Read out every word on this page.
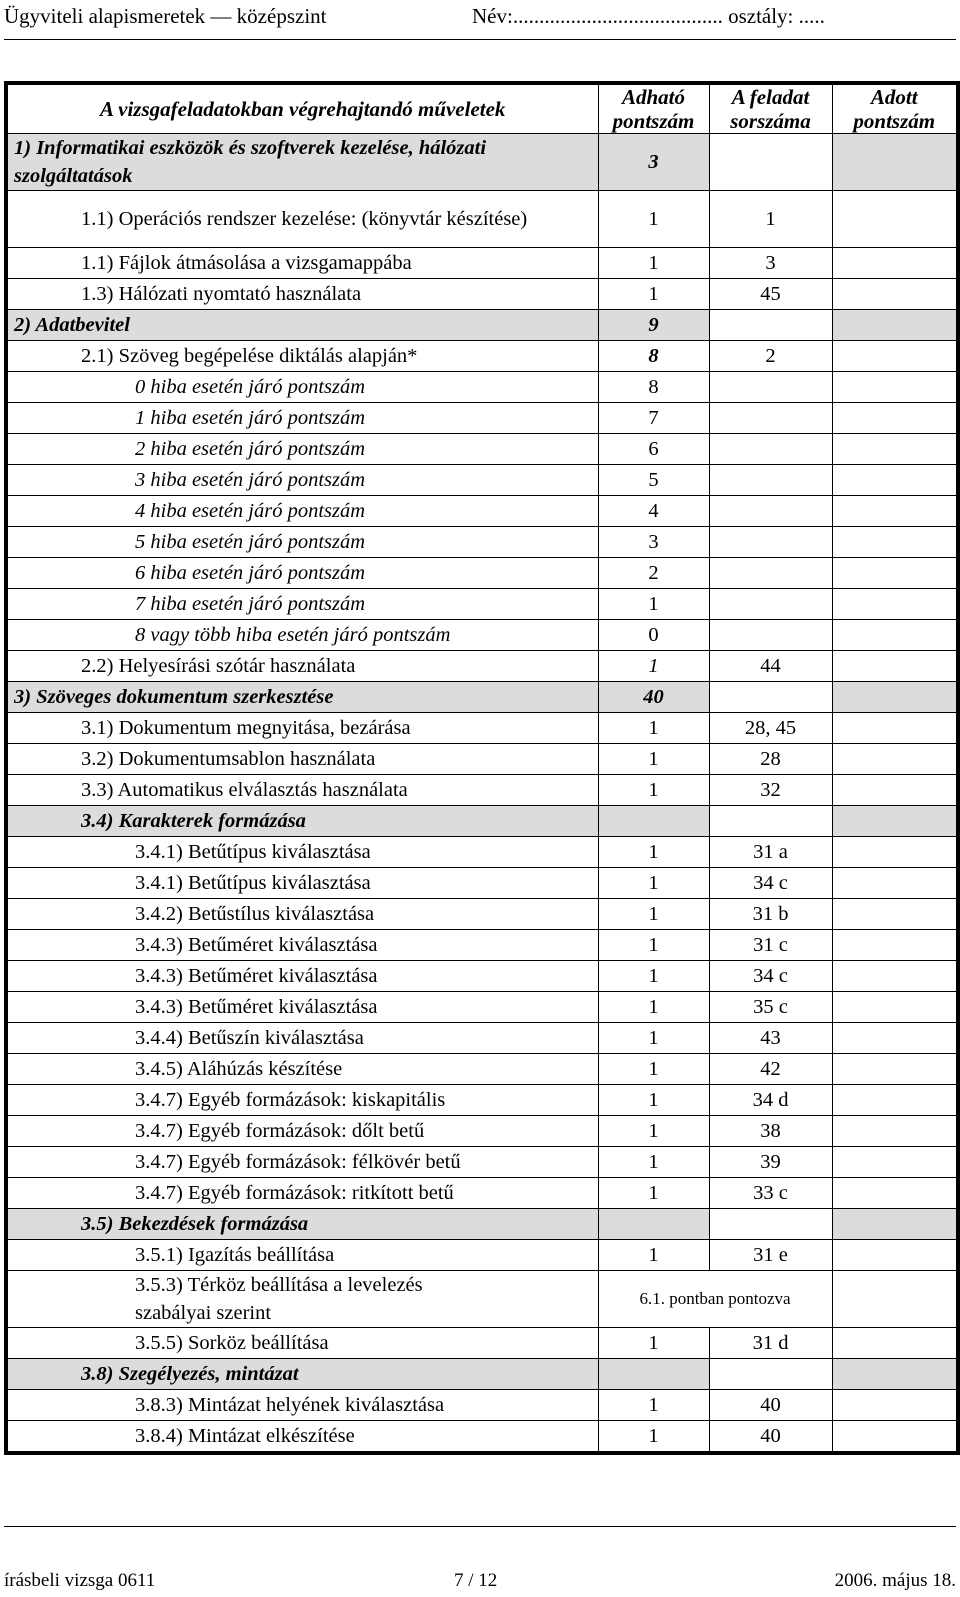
Ügyviteli alapismeretek — középszint	Név:........................................ osztály: .....
A vizsgafeladatokban végrehajtandó műveletek	Adható pontszám	A feladat sorszáma	Adott pontszám
1) Informatikai eszközök és szoftverek kezelése, hálózati szolgáltatások	3		
1.1) Operációs rendszer kezelése: (könyvtár készítése)	1	1	
1.1) Fájlok átmásolása a vizsgamappába	1	3	
1.3) Hálózati nyomtató használata	1	45	
2) Adatbevitel	9		
2.1) Szöveg begépelése diktálás alapján*	8	2	
0 hiba esetén járó pontszám	8		
1 hiba esetén járó pontszám	7		
2 hiba esetén járó pontszám	6		
3 hiba esetén járó pontszám	5		
4 hiba esetén járó pontszám	4		
5 hiba esetén járó pontszám	3		
6 hiba esetén járó pontszám	2		
7 hiba esetén járó pontszám	1		
8 vagy több hiba esetén járó pontszám	0		
2.2) Helyesírási szótár használata	1	44	
3) Szöveges dokumentum szerkesztése	40		
3.1) Dokumentum megnyitása, bezárása	1	28, 45	
3.2) Dokumentumsablon használata	1	28	
3.3) Automatikus elválasztás használata	1	32	
3.4) Karakterek formázása			
3.4.1) Betűtípus kiválasztása	1	31 a	
3.4.1) Betűtípus kiválasztása	1	34 c	
3.4.2) Betűstílus kiválasztása	1	31 b	
3.4.3) Betűméret kiválasztása	1	31 c	
3.4.3) Betűméret kiválasztása	1	34 c	
3.4.3) Betűméret kiválasztása	1	35 c	
3.4.4) Betűszín kiválasztása	1	43	
3.4.5) Aláhúzás készítése	1	42	
3.4.7) Egyéb formázások: kiskapitális	1	34 d	
3.4.7) Egyéb formázások: dőlt betű	1	38	
3.4.7) Egyéb formázások: félkövér betű	1	39	
3.4.7) Egyéb formázások: ritkított betű	1	33 c	
3.5) Bekezdések formázása			
3.5.1) Igazítás beállítása	1	31 e	
3.5.3) Térköz beállítása a levelezés szabályai szerint	6.1. pontban pontozva		
3.5.5) Sorköz beállítása	1	31 d	
3.8) Szegélyezés, mintázat			
3.8.3) Mintázat helyének kiválasztása	1	40	
3.8.4) Mintázat elkészítése	1	40	
írásbeli vizsga 0611	7 / 12	2006. május 18.
